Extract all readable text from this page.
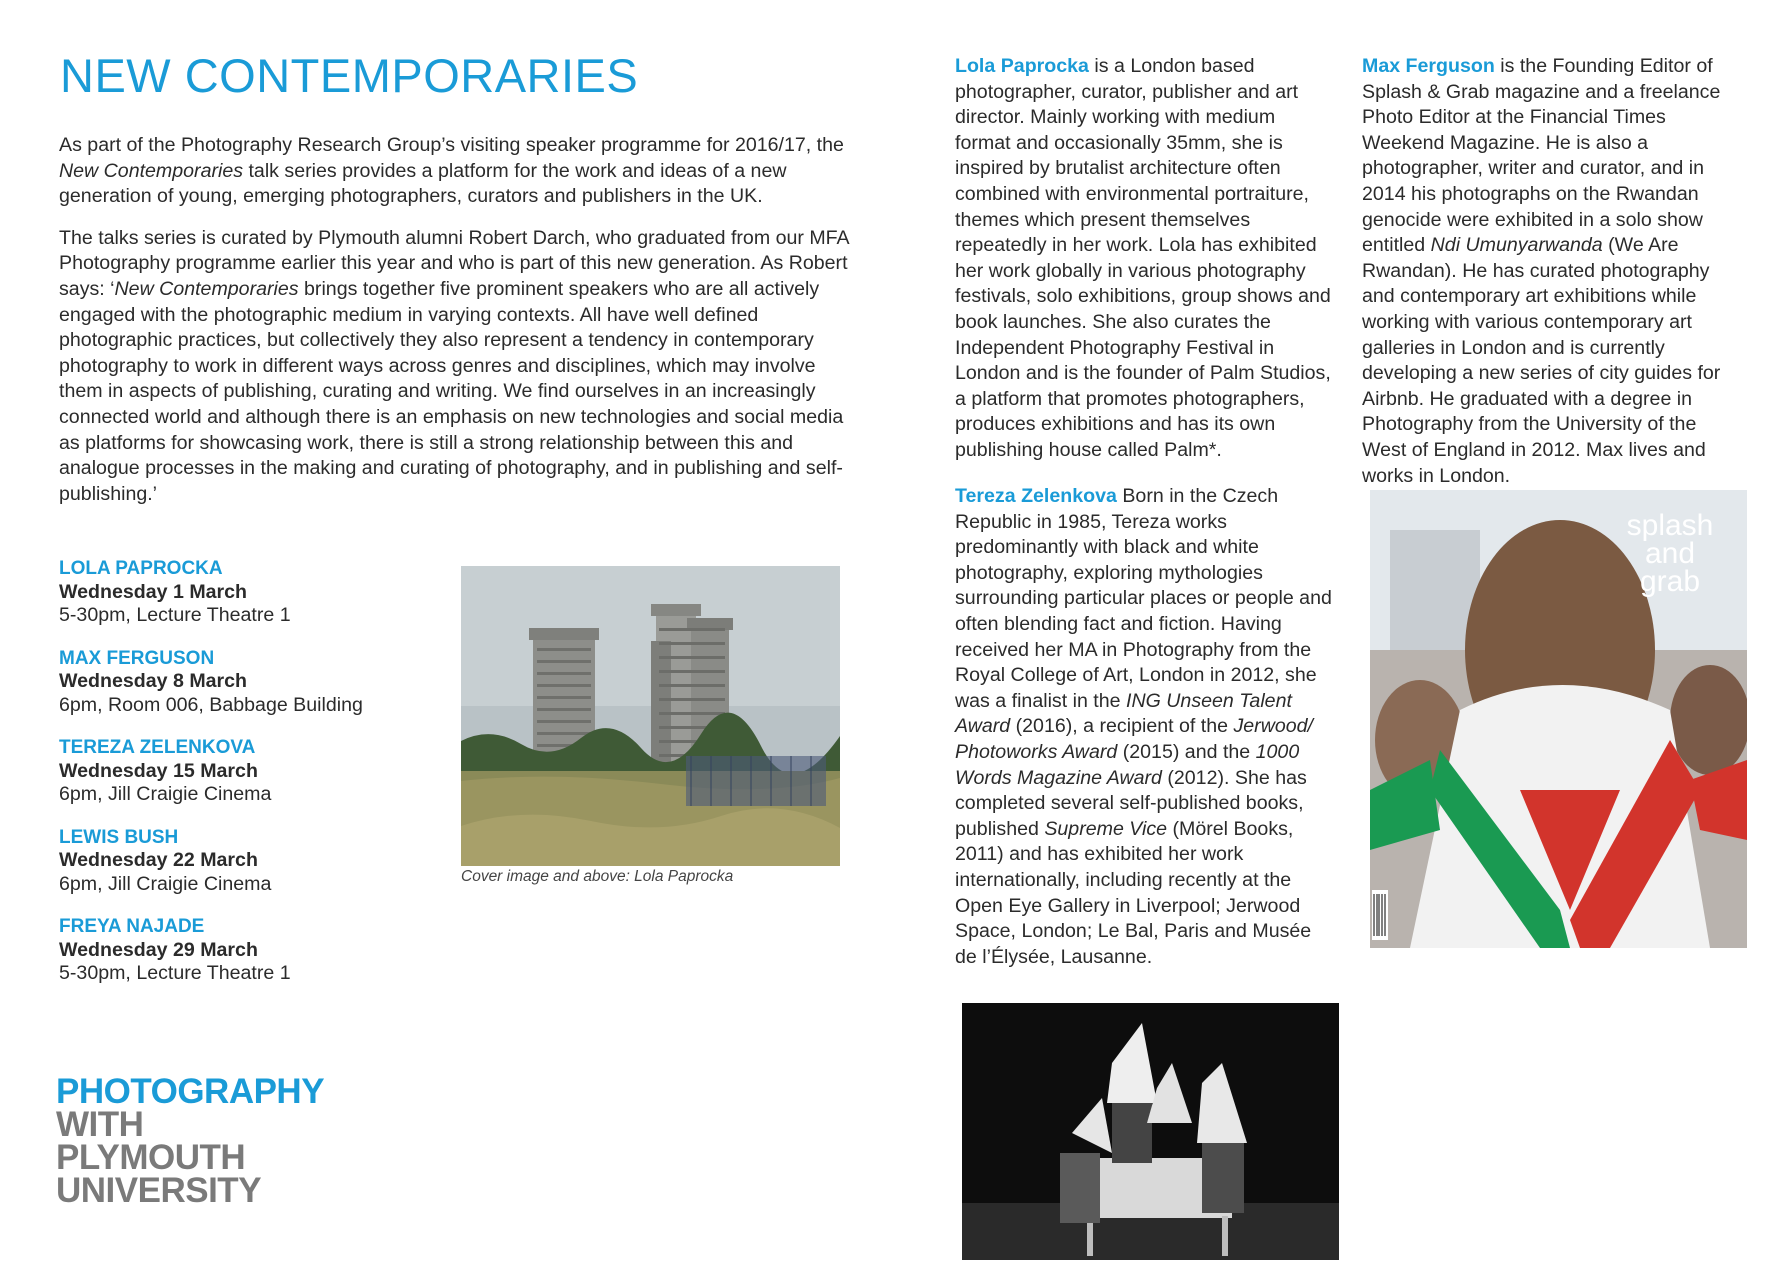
NEW CONTEMPORARIES

As part of the Photography Research Group’s visiting speaker programme for 2016/17, the New Contemporaries talk series provides a platform for the work and ideas of a new generation of young, emerging photographers, curators and publishers in the UK.

The talks series is curated by Plymouth alumni Robert Darch, who graduated from our MFA Photography programme earlier this year and who is part of this new generation. As Robert says: ‘New Contemporaries brings together five prominent speakers who are all actively engaged with the photographic medium in varying contexts. All have well defined photographic practices, but collectively they also represent a tendency in contemporary photography to work in different ways across genres and disciplines, which may involve them in aspects of publishing, curating and writing. We find ourselves in an increasingly connected world and although there is an emphasis on new technologies and social media as platforms for showcasing work, there is still a strong relationship between this and analogue processes in the making and curating of photography, and in publishing and self-publishing.’

LOLA PAPROCKA
Wednesday 1 March
5-30pm, Lecture Theatre 1
MAX FERGUSON
Wednesday 8 March
6pm, Room 006, Babbage Building
TEREZA ZELENKOVA
Wednesday 15 March
6pm, Jill Craigie Cinema
LEWIS BUSH
Wednesday 22 March
6pm, Jill Craigie Cinema
FREYA NAJADE
Wednesday 29 March
5-30pm, Lecture Theatre 1
Cover image and above: Lola Paprocka
PHOTOGRAPHY
WITH
PLYMOUTH
UNIVERSITY

Lola Paprocka is a London based photographer, curator, publisher and art director. Mainly working with medium format and occasionally 35mm, she is inspired by brutalist architecture often combined with environmental portraiture, themes which present themselves repeatedly in her work. Lola has exhibited her work globally in various photography festivals, solo exhibitions, group shows and book launches. She also curates the Independent Photography Festival in London and is the founder of Palm Studios, a platform that promotes photographers, produces exhibitions and has its own publishing house called Palm*.

Tereza Zelenkova Born in the Czech Republic in 1985, Tereza works predominantly with black and white photography, exploring mythologies surrounding particular places or people and often blending fact and fiction. Having received her MA in Photography from the Royal College of Art, London in 2012, she was a finalist in the ING Unseen Talent Award (2016), a recipient of the Jerwood/ Photoworks Award (2015) and the 1000 Words Magazine Award (2012). She has completed several self-published books, published Supreme Vice (Mörel Books, 2011) and has exhibited her work internationally, including recently at the Open Eye Gallery in Liverpool; Jerwood Space, London; Le Bal, Paris and Musée de l’Élysée, Lausanne.

Max Ferguson is the Founding Editor of Splash & Grab magazine and a freelance Photo Editor at the Financial Times Weekend Magazine. He is also a photographer, writer and curator, and in 2014 his photographs on the Rwandan genocide were exhibited in a solo show entitled Ndi Umunyarwanda (We Are Rwandan). He has curated photography and contemporary art exhibitions while working with various contemporary art galleries in London and is currently developing a new series of city guides for Airbnb. He graduated with a degree in Photography from the University of the West of England in 2012. Max lives and works in London.

splash
and
grab
